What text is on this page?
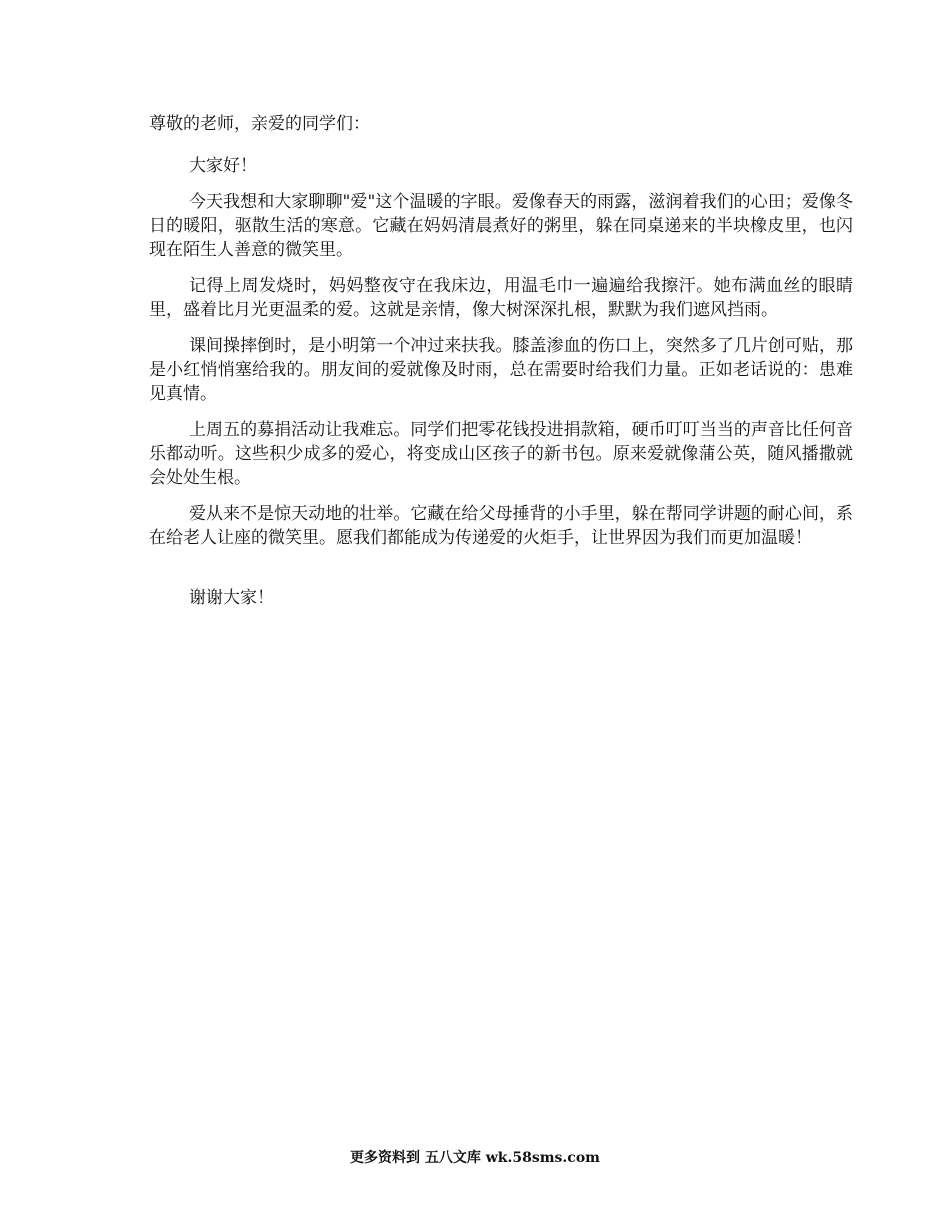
尊敬的老师，亲爱的同学们：

大家好！

今天我想和大家聊聊"爱"这个温暖的字眼。爱像春天的雨露，滋润着我们的心田；爱像冬日的暖阳，驱散生活的寒意。它藏在妈妈清晨煮好的粥里，躲在同桌递来的半块橡皮里，也闪现在陌生人善意的微笑里。

记得上周发烧时，妈妈整夜守在我床边，用温毛巾一遍遍给我擦汗。她布满血丝的眼睛里，盛着比月光更温柔的爱。这就是亲情，像大树深深扎根，默默为我们遮风挡雨。

课间操摔倒时，是小明第一个冲过来扶我。膝盖渗血的伤口上，突然多了几片创可贴，那是小红悄悄塞给我的。朋友间的爱就像及时雨，总在需要时给我们力量。正如老话说的：患难见真情。

上周五的募捐活动让我难忘。同学们把零花钱投进捐款箱，硬币叮叮当当的声音比任何音乐都动听。这些积少成多的爱心，将变成山区孩子的新书包。原来爱就像蒲公英，随风播撒就会处处生根。

爱从来不是惊天动地的壮举。它藏在给父母捶背的小手里，躲在帮同学讲题的耐心间，系在给老人让座的微笑里。愿我们都能成为传递爱的火炬手，让世界因为我们而更加温暖！

谢谢大家！

更多资料到 五八文库 wk.58sms.com
